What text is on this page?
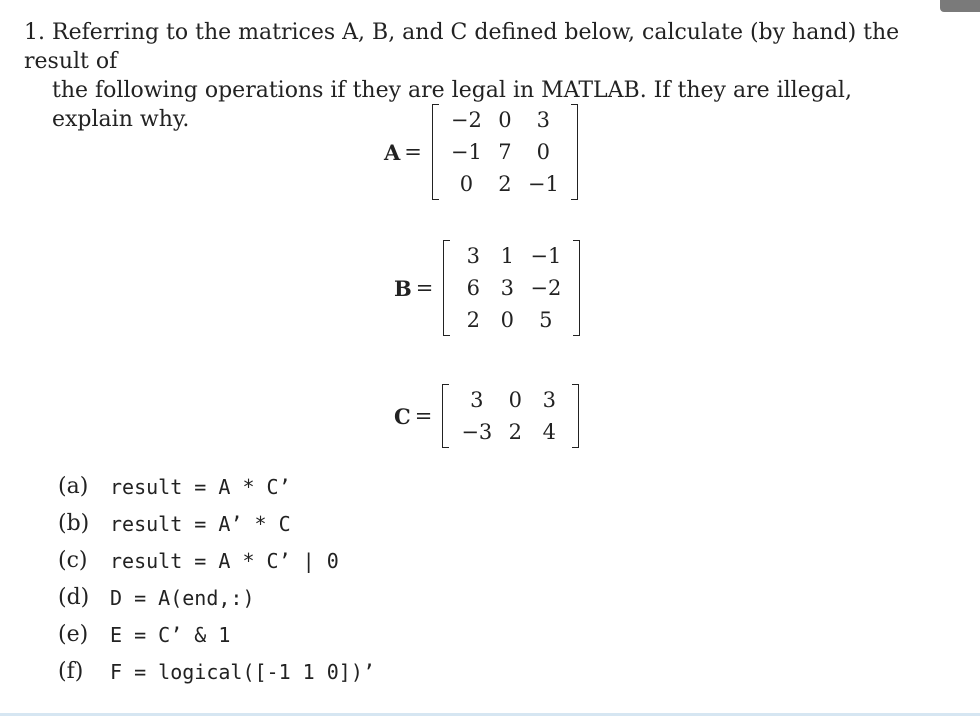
1. Referring to the matrices A, B, and C defined below, calculate (by hand) the result of
the following operations if they are legal in MATLAB. If they are illegal, explain why.
A =
−2	0	3
−1	7	0
0	2	−1
B =
3	1	−1
6	3	−2
2	0	5
C =
3	0	3
−3	2	4
(a)	result = A * C’
(b)	result = A’ * C
(c)	result = A * C’ | 0
(d)	D = A(end,:)
(e)	E = C’ & 1
(f)	F = logical([-1 1 0])’
